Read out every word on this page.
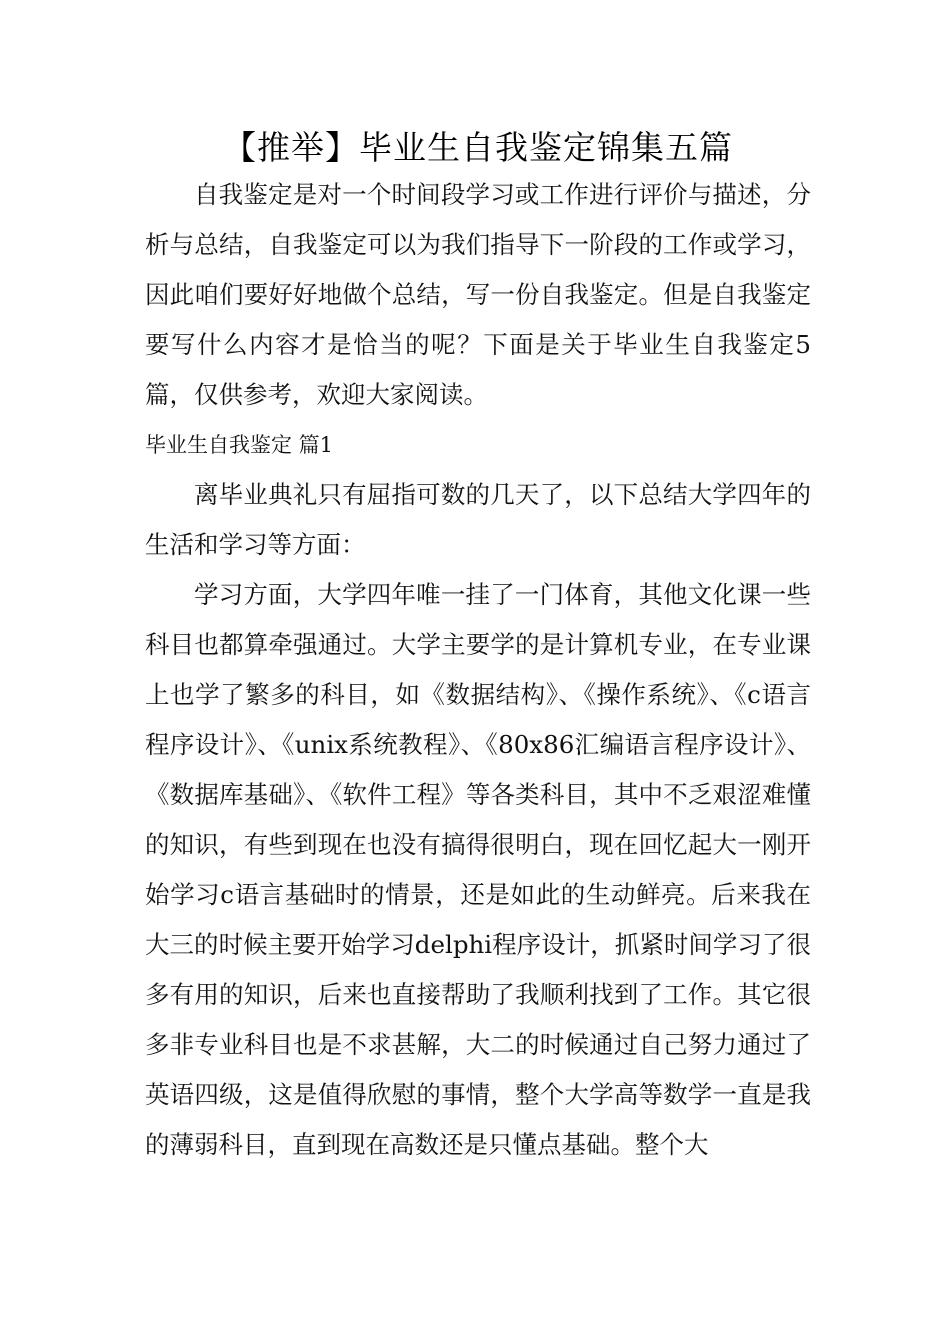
【推举】毕业生自我鉴定锦集五篇

自我鉴定是对一个时间段学习或工作进行评价与描述，分析与总结，自我鉴定可以为我们指导下一阶段的工作或学习，因此咱们要好好地做个总结，写一份自我鉴定。但是自我鉴定要写什么内容才是恰当的呢？下面是关于毕业生自我鉴定5篇，仅供参考，欢迎大家阅读。

毕业生自我鉴定 篇1

离毕业典礼只有屈指可数的几天了，以下总结大学四年的生活和学习等方面：

学习方面，大学四年唯一挂了一门体育，其他文化课一些科目也都算牵强通过。大学主要学的是计算机专业，在专业课上也学了繁多的科目，如《数据结构》、《操作系统》、《c语言程序设计》、《unix系统教程》、《80x86汇编语言程序设计》、《数据库基础》、《软件工程》等各类科目，其中不乏艰涩难懂的知识，有些到现在也没有搞得很明白，现在回忆起大一刚开始学习c语言基础时的情景，还是如此的生动鲜亮。后来我在大三的时候主要开始学习delphi程序设计，抓紧时间学习了很多有用的知识，后来也直接帮助了我顺利找到了工作。其它很多非专业科目也是不求甚解，大二的时候通过自己努力通过了英语四级，这是值得欣慰的事情，整个大学高等数学一直是我的薄弱科目，直到现在高数还是只懂点基础。整个大
